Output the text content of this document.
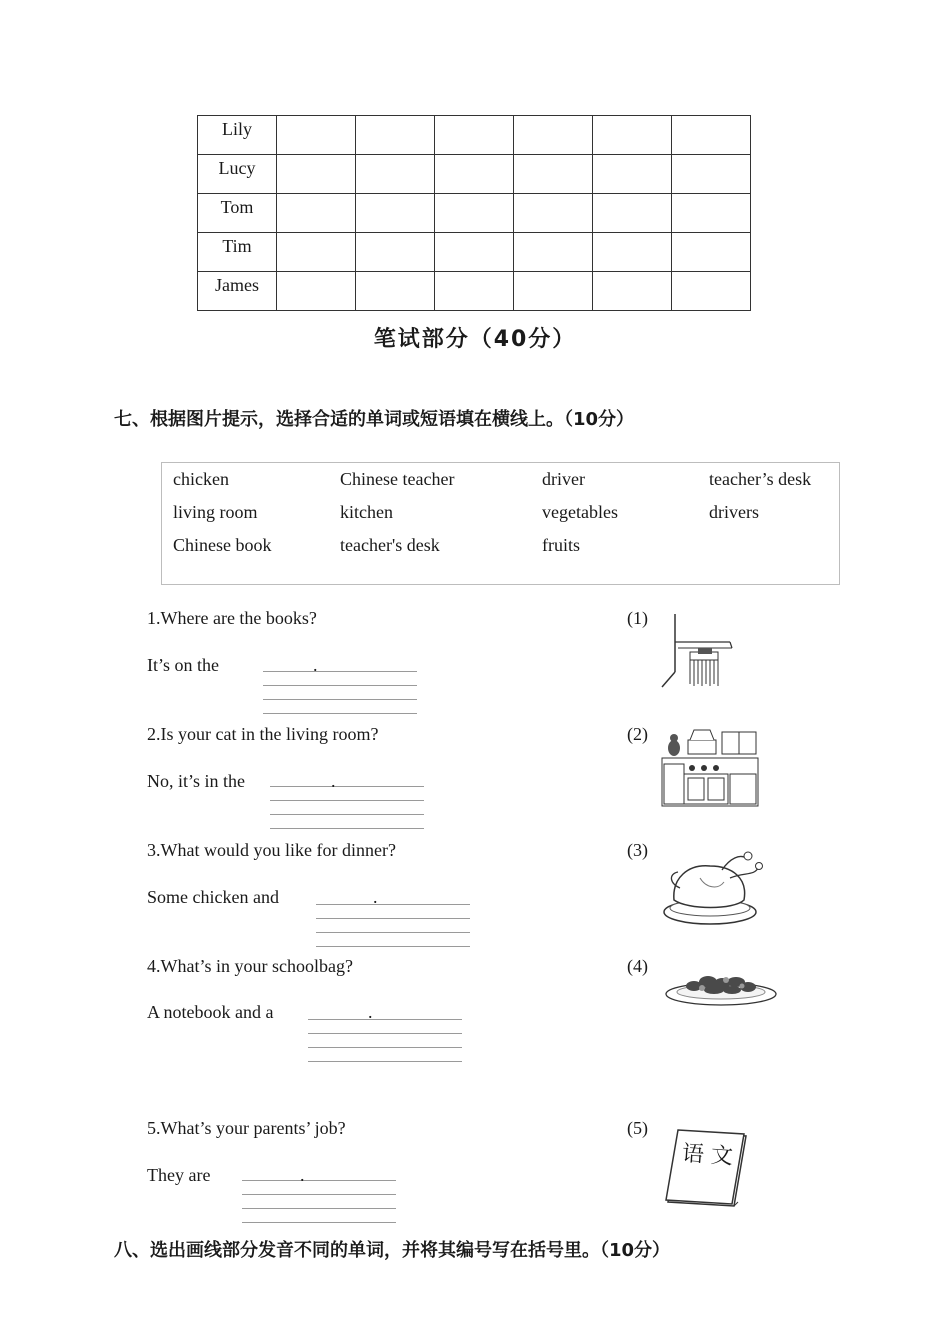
Lily						
Lucy						
Tom						
Tim						
James						
笔试部分（40分）
七、根据图片提示，选择合适的单词或短语填在横线上。（10分）
chicken	Chinese teacher	driver	teacher’s desk
living room	kitchen	vegetables	drivers
Chinese book	teacher's desk	fruits
1.Where are the books?
It’s on the	.
(1)
2.Is your cat in the living room?
No, it’s in the	.
(2)
3.What would you like for dinner?
Some chicken and	.
(3)
4.What’s in your schoolbag?
A notebook and a	.
(4)
5.What’s your parents’ job?
They are	.
(5)
语 文
八、选出画线部分发音不同的单词，并将其编号写在括号里。（10分）
